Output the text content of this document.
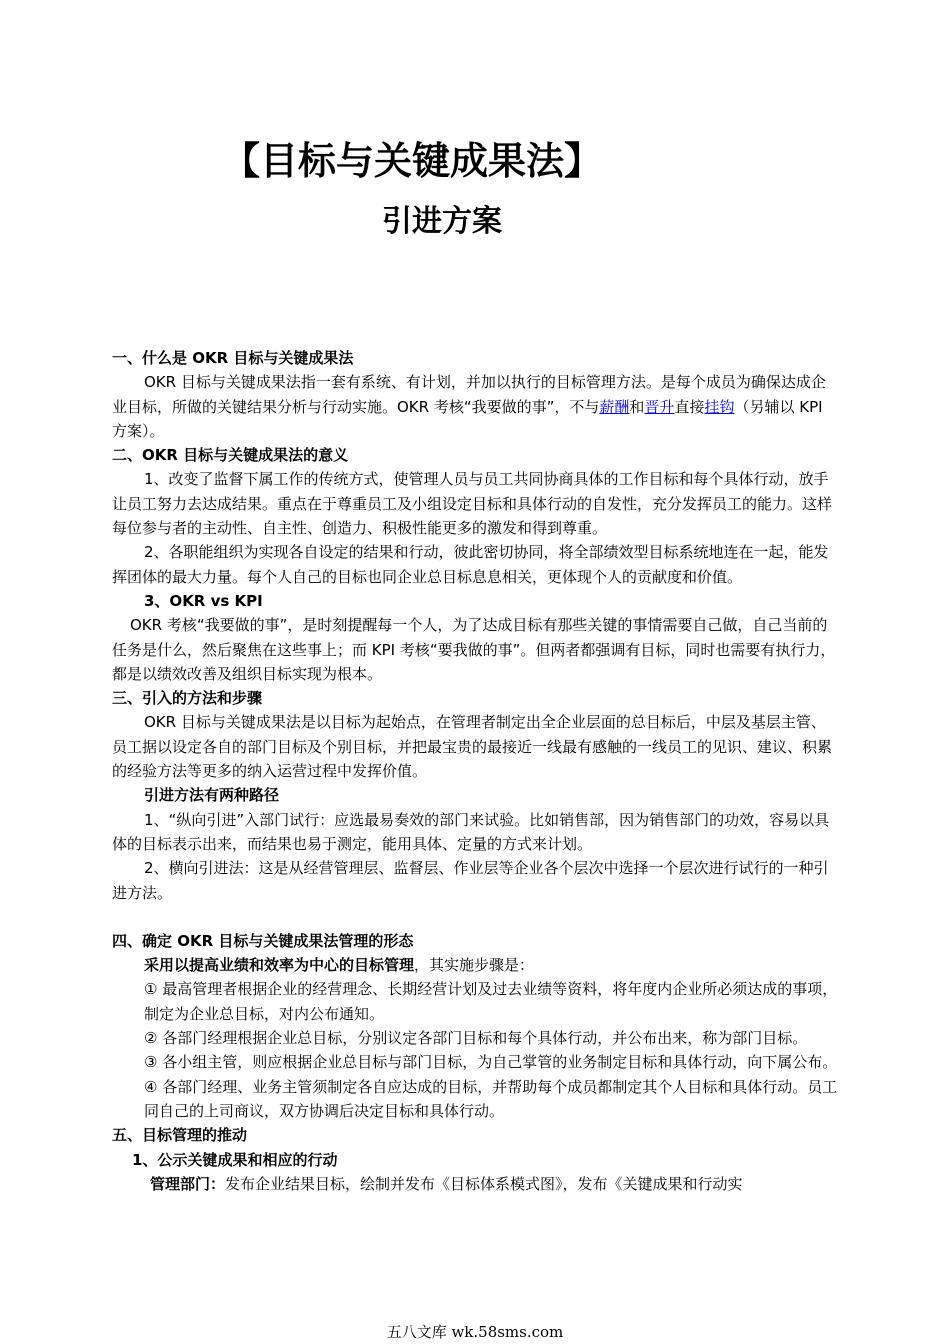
【目标与关键成果法】
引进方案

一、什么是 OKR 目标与关键成果法

OKR 目标与关键成果法指一套有系统、有计划，并加以执行的目标管理方法。是每个成员为确保达成企业目标，所做的关键结果分析与行动实施。OKR 考核“我要做的事”，不与薪酬和晋升直接挂钩（另辅以 KPI 方案）。

二、OKR 目标与关键成果法的意义

1、改变了监督下属工作的传统方式，使管理人员与员工共同协商具体的工作目标和每个具体行动，放手让员工努力去达成结果。重点在于尊重员工及小组设定目标和具体行动的自发性，充分发挥员工的能力。这样每位参与者的主动性、自主性、创造力、积极性能更多的激发和得到尊重。

2、各职能组织为实现各自设定的结果和行动，彼此密切协同，将全部绩效型目标系统地连在一起，能发挥团体的最大力量。每个人自己的目标也同企业总目标息息相关，更体现个人的贡献度和价值。

3、OKR vs KPI

OKR 考核“我要做的事”，是时刻提醒每一个人，为了达成目标有那些关键的事情需要自己做，自己当前的任务是什么，然后聚焦在这些事上；而 KPI 考核“要我做的事”。但两者都强调有目标，同时也需要有执行力，都是以绩效改善及组织目标实现为根本。

三、引入的方法和步骤

OKR 目标与关键成果法是以目标为起始点，在管理者制定出全企业层面的总目标后，中层及基层主管、员工据以设定各自的部门目标及个别目标，并把最宝贵的最接近一线最有感触的一线员工的见识、建议、积累的经验方法等更多的纳入运营过程中发挥价值。

引进方法有两种路径

1、“纵向引进”入部门试行：应选最易奏效的部门来试验。比如销售部，因为销售部门的功效，容易以具体的目标表示出来，而结果也易于测定，能用具体、定量的方式来计划。

2、横向引进法：这是从经营管理层、监督层、作业层等企业各个层次中选择一个层次进行试行的一种引进方法。

四、确定 OKR 目标与关键成果法管理的形态

采用以提高业绩和效率为中心的目标管理，其实施步骤是：

① 最高管理者根据企业的经营理念、长期经营计划及过去业绩等资料，将年度内企业所必须达成的事项，制定为企业总目标，对内公布通知。

② 各部门经理根据企业总目标，分别议定各部门目标和每个具体行动，并公布出来，称为部门目标。

③ 各小组主管，则应根据企业总目标与部门目标，为自己掌管的业务制定目标和具体行动，向下属公布。

④ 各部门经理、业务主管须制定各自应达成的目标，并帮助每个成员都制定其个人目标和具体行动。员工同自己的上司商议，双方协调后决定目标和具体行动。

五、目标管理的推动

1、公示关键成果和相应的行动

管理部门：发布企业结果目标，绘制并发布《目标体系模式图》，发布《关键成果和行动实

五八文库 wk.58sms.com
